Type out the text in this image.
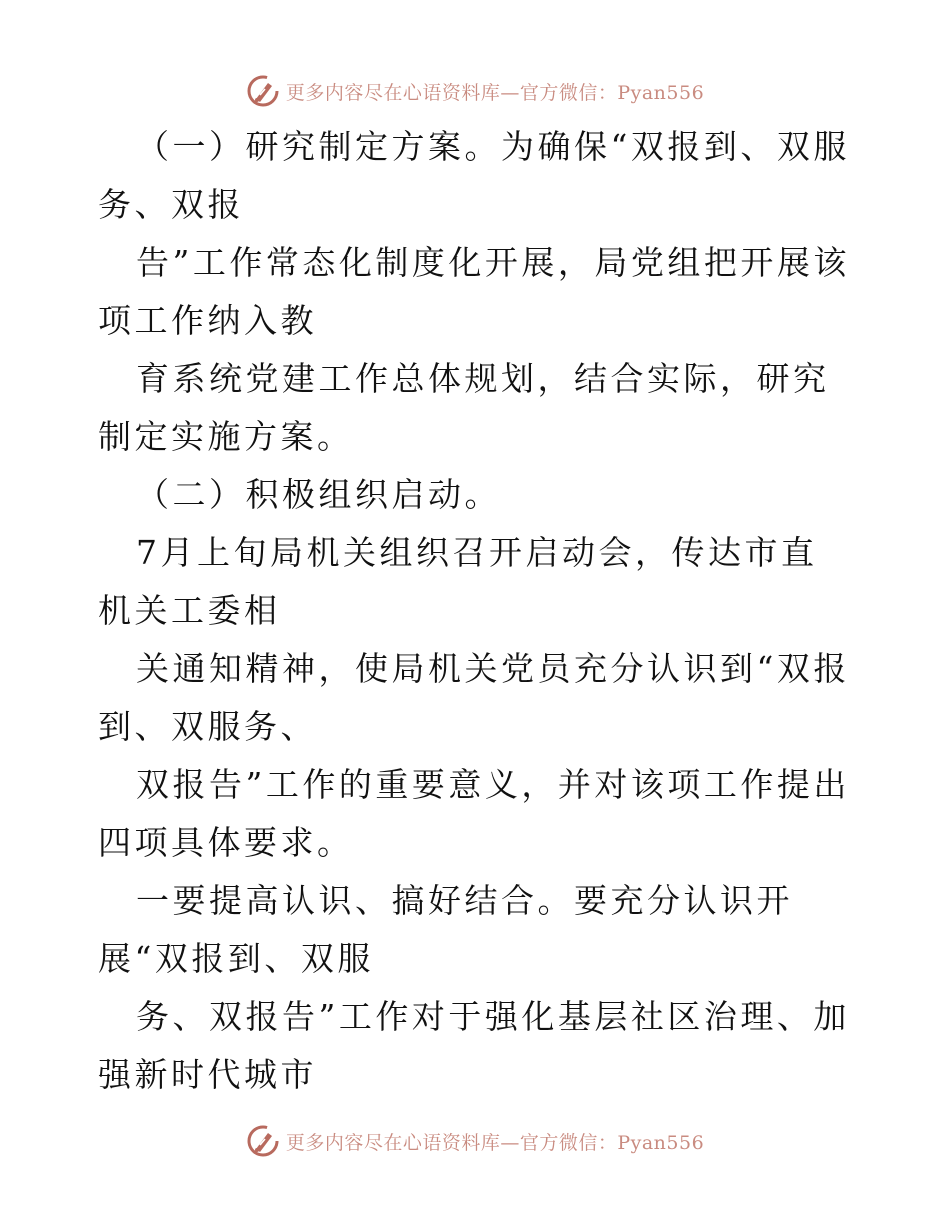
更多内容尽在心语资料库—官方微信：Pyan556

（一）研究制定方案。为确保“双报到、双服务、双报

告”工作常态化制度化开展，局党组把开展该项工作纳入教

育系统党建工作总体规划，结合实际，研究制定实施方案。

（二）积极组织启动。

7月上旬局机关组织召开启动会，传达市直机关工委相

关通知精神，使局机关党员充分认识到“双报到、双服务、

双报告”工作的重要意义，并对该项工作提出四项具体要求。

一要提高认识、搞好结合。要充分认识开展“双报到、双服

务、双报告”工作对于强化基层社区治理、加强新时代城市

更多内容尽在心语资料库—官方微信：Pyan556
